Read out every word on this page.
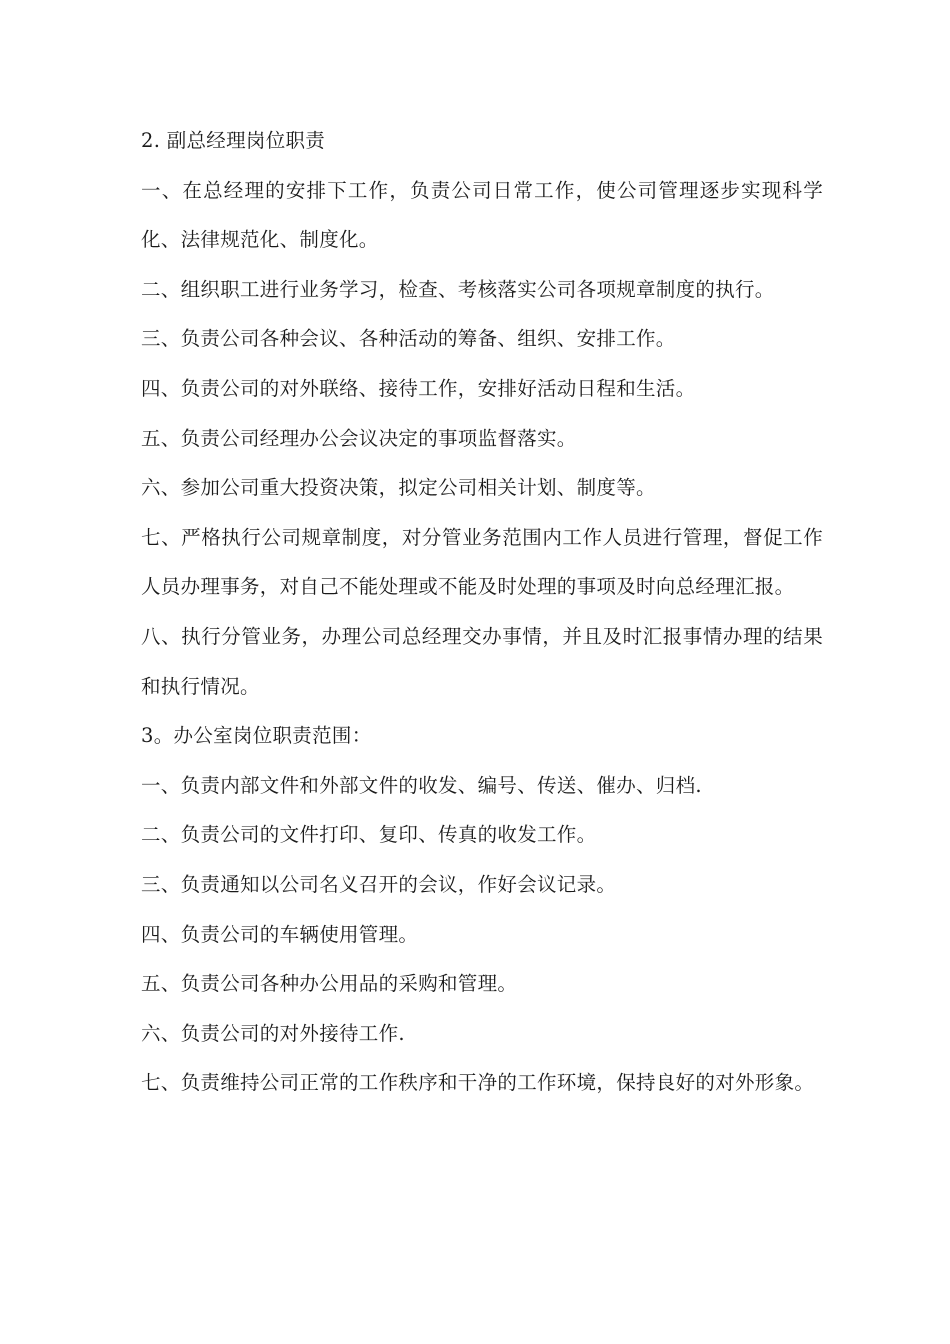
2. 副总经理岗位职责

一、在总经理的安排下工作，负责公司日常工作，使公司管理逐步实现科学化、法律规范化、制度化。

二、组织职工进行业务学习，检查、考核落实公司各项规章制度的执行。

三、负责公司各种会议、各种活动的筹备、组织、安排工作。

四、负责公司的对外联络、接待工作，安排好活动日程和生活。

五、负责公司经理办公会议决定的事项监督落实。

六、参加公司重大投资决策，拟定公司相关计划、制度等。

七、严格执行公司规章制度，对分管业务范围内工作人员进行管理，督促工作人员办理事务，对自己不能处理或不能及时处理的事项及时向总经理汇报。

八、执行分管业务，办理公司总经理交办事情，并且及时汇报事情办理的结果和执行情况。

3。办公室岗位职责范围：

一、负责内部文件和外部文件的收发、编号、传送、催办、归档.

二、负责公司的文件打印、复印、传真的收发工作。

三、负责通知以公司名义召开的会议，作好会议记录。

四、负责公司的车辆使用管理。

五、负责公司各种办公用品的采购和管理。

六、负责公司的对外接待工作.

七、负责维持公司正常的工作秩序和干净的工作环境，保持良好的对外形象。
